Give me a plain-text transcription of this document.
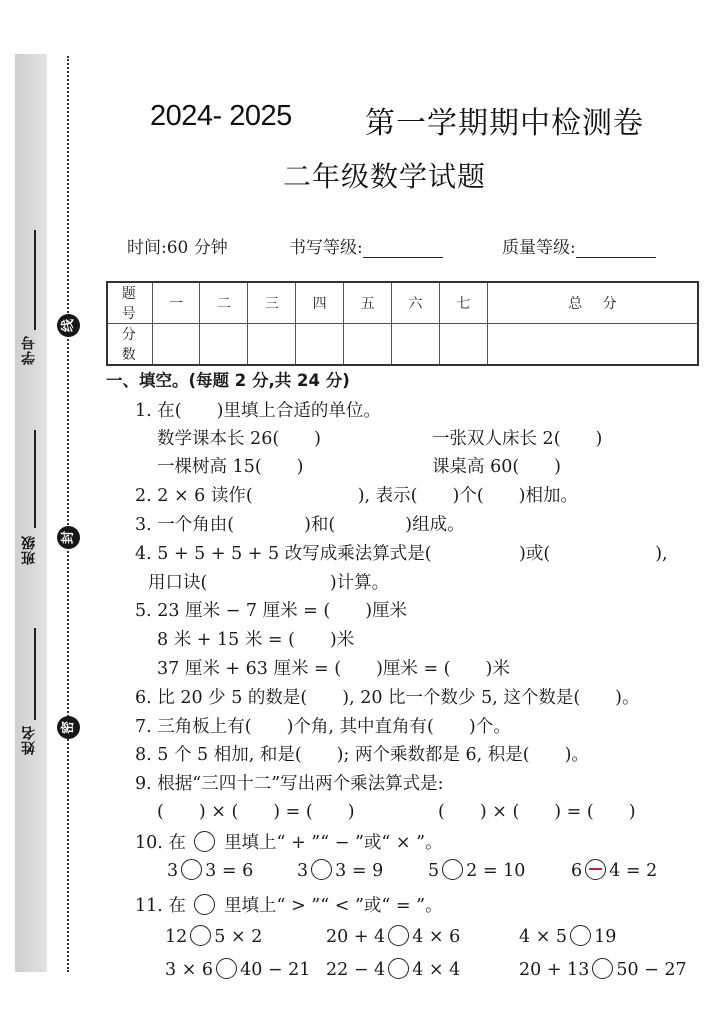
学号
班级
姓名
线
封
密
2024- 2025 第一学期期中检测卷
二年级数学试题
时间:60 分钟	书写等级:	质量等级:
题 号	一	二	三	四	五	六	七	总 分
分 数								
一、填空。(每题 2 分,共 24 分)
1. 在(　　)里填上合适的单位。
数学课本长 26(　　)	一张双人床长 2(　　)
一棵树高 15(　　)	课桌高 60(　　)
2. 2 × 6 读作(　　　　　　), 表示(　　)个(　　)相加。
3. 一个角由(　　　　)和(　　　　)组成。
4. 5 + 5 + 5 + 5 改写成乘法算式是(　　　　　)或(　　　　　　),
用口诀(　　　　　　　)计算。
5. 23 厘米 − 7 厘米 = (　　)厘米
8 米 + 15 米 = (　　)米
37 厘米 + 63 厘米 = (　　)厘米 = (　　)米
6. 比 20 少 5 的数是(　　), 20 比一个数少 5, 这个数是(　　)。
7. 三角板上有(　　)个角, 其中直角有(　　)个。
8. 5 个 5 相加, 和是(　　); 两个乘数都是 6, 积是(　　)。
9. 根据“三四十二”写出两个乘法算式是:
(　　) × (　　) = (　　)	(　　) × (　　) = (　　)
10. 在 里填上“ + ”“ − ”或“ × ”。
3 3 = 6	3 3 = 9	5 2 = 10	6 4 = 2
11. 在 里填上“ > ”“ < ”或“ = ”。
12 5 × 2	20 + 4 4 × 6	4 × 5 19
3 × 6 40 − 21 22 − 4 4 × 4	20 + 13 50 − 27
